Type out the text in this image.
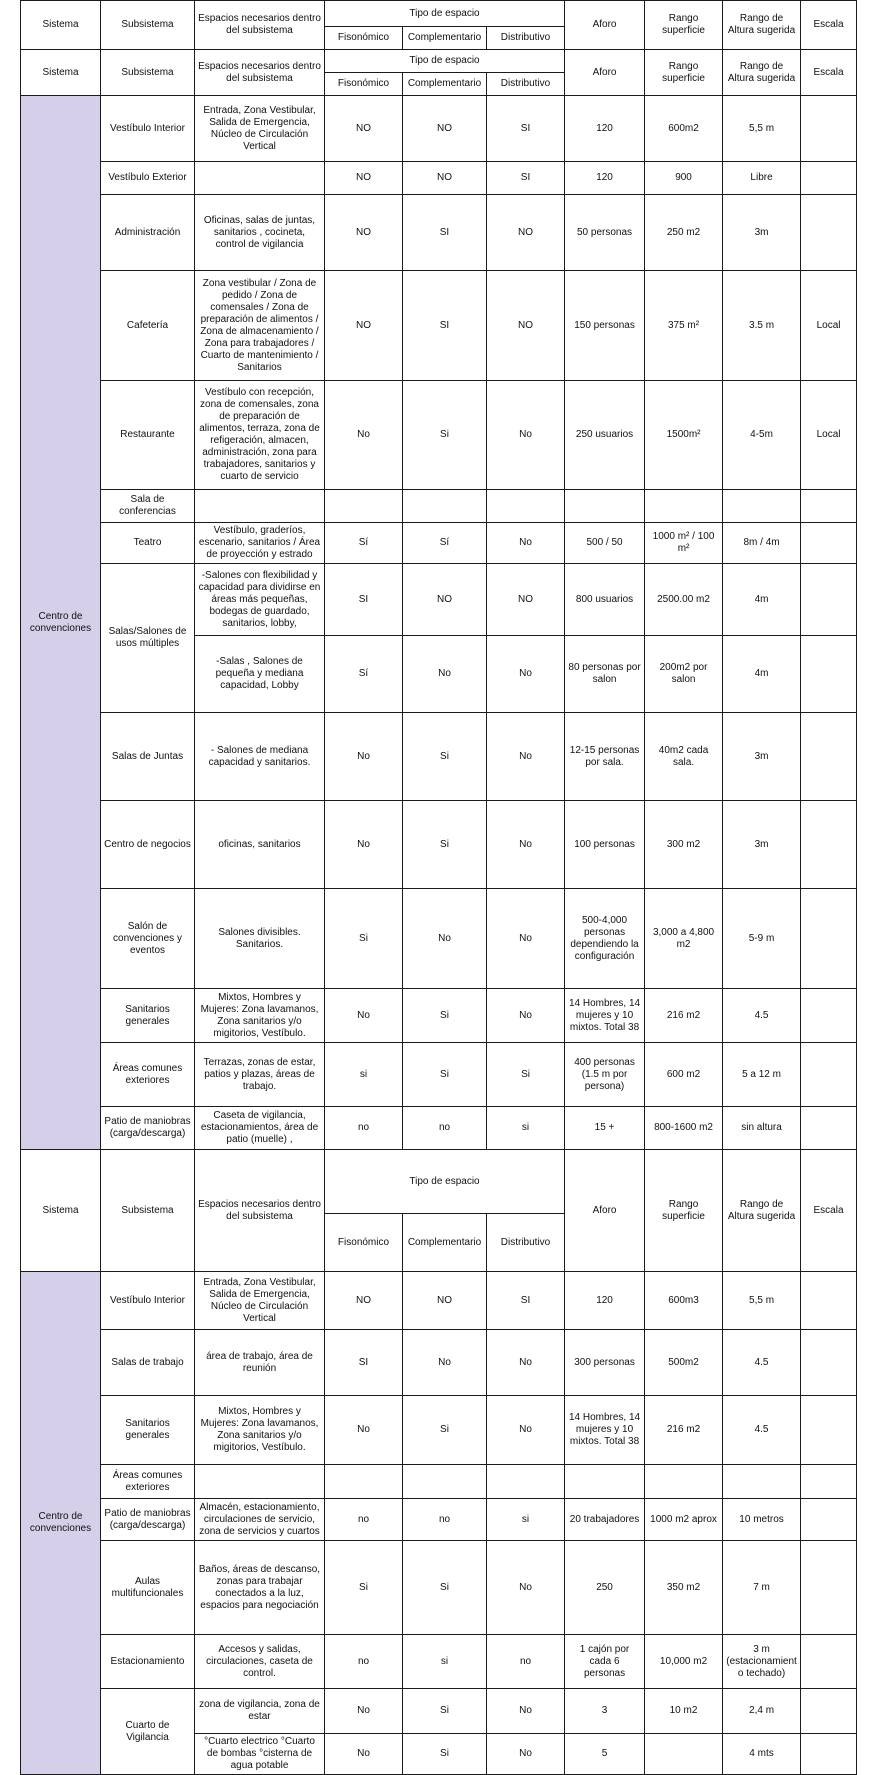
Sistema	Subsistema	Espacios necesarios dentro del subsistema	Tipo de espacio			Aforo	Rango superficie	Rango de Altura sugerida	Escala
			Fisonómico	Complementario	Distributivo				
Sistema	Subsistema	Espacios necesarios dentro del subsistema	Tipo de espacio			Aforo	Rango superficie	Rango de Altura sugerida	Escala
			Fisonómico	Complementario	Distributivo				
Centro de convenciones	Vestíbulo Interior	Entrada, Zona Vestibular, Salida de Emergencia, Núcleo de Circulación Vertical	NO	NO	SI	120	600m2	5,5 m	
	Vestíbulo Exterior		NO	NO	SI	120	900	Libre	
	Administración	Oficinas, salas de juntas, sanitarios , cocineta, control de vigilancia	NO	SI	NO	50 personas	250 m2	3m	
	Cafetería	Zona vestibular / Zona de pedido / Zona de comensales / Zona de preparación de alimentos / Zona de almacenamiento / Zona para trabajadores / Cuarto de mantenimiento / Sanitarios	NO	SI	NO	150 personas	375 m²	3.5 m	Local
	Restaurante	Vestíbulo con recepción, zona de comensales, zona de preparación de alimentos, terraza, zona de refigeración, almacen, administración, zona para trabajadores, sanitarios y cuarto de servicio	No	Si	No	250 usuarios	1500m²	4-5m	Local
	Sala de conferencias								
	Teatro	Vestíbulo, graderíos, escenario, sanitarios / Área de proyección y estrado	Sí	Sí	No	500 / 50	1000 m² / 100 m²	8m / 4m	
	Salas/Salones de usos múltiples	-Salones con flexibilidad y capacidad para dividirse en áreas más pequeñas, bodegas de guardado, sanitarios, lobby,	SI	NO	NO	800 usuarios	2500.00 m2	4m	
		-Salas , Salones de pequeña y mediana capacidad, Lobby	Sí	No	No	80 personas por salon	200m2 por salon	4m	
	Salas de Juntas	- Salones de mediana capacidad y sanitarios.	No	Si	No	12-15 personas por sala.	40m2 cada sala.	3m	
	Centro de negocios	oficinas, sanitarios	No	Si	No	100 personas	300 m2	3m	
	Salón de convenciones y eventos	Salones divisibles. Sanitarios.	Si	No	No	500-4,000 personas dependiendo la configuración	3,000 a 4,800 m2	5-9 m	
	Sanitarios generales	Mixtos, Hombres y Mujeres: Zona lavamanos, Zona sanitarios y/o migitorios, Vestíbulo.	No	Si	No	14 Hombres, 14 mujeres y 10 mixtos. Total 38	216 m2	4.5	
	Áreas comunes exteriores	Terrazas, zonas de estar, patios y plazas, áreas de trabajo.	si	Si	Si	400 personas (1.5 m por persona)	600 m2	5 a 12 m	
	Patio de maniobras (carga/descarga)	Caseta de vigilancia, estacionamientos, área de patio (muelle) ,	no	no	si	15 +	800-1600 m2	sin altura	
Sistema	Subsistema	Espacios necesarios dentro del subsistema	Tipo de espacio			Aforo	Rango superficie	Rango de Altura sugerida	Escala
			Fisonómico	Complementario	Distributivo				
Centro de convenciones	Vestíbulo Interior	Entrada, Zona Vestibular, Salida de Emergencia, Núcleo de Circulación Vertical	NO	NO	SI	120	600m3	5,5 m	
	Salas de trabajo	área de trabajo, área de reunión	SI	No	No	300 personas	500m2	4.5	
	Sanitarios generales	Mixtos, Hombres y Mujeres: Zona lavamanos, Zona sanitarios y/o migitorios, Vestíbulo.	No	Si	No	14 Hombres, 14 mujeres y 10 mixtos. Total 38	216 m2	4.5	
	Áreas comunes exteriores								
	Patio de maniobras (carga/descarga)	Almacén, estacionamiento, circulaciones de servicio, zona de servicios y cuartos	no	no	si	20 trabajadores	1000 m2 aprox	10 metros	
	Aulas multifuncionales	Baños, áreas de descanso, zonas para trabajar conectados a la luz, espacios para negociación	Si	Si	No	250	350 m2	7 m	
	Estacionamiento	Accesos y salidas, circulaciones, caseta de control.	no	si	no	1 cajón por cada 6 personas	10,000 m2	3 m (estacionamiento techado)	
	Cuarto de Vigilancia	zona de vigilancia, zona de estar	No	Si	No	3	10 m2	2,4 m	
		°Cuarto electrico °Cuarto de bombas °cisterna de agua potable	No	Si	No	5		4 mts	
